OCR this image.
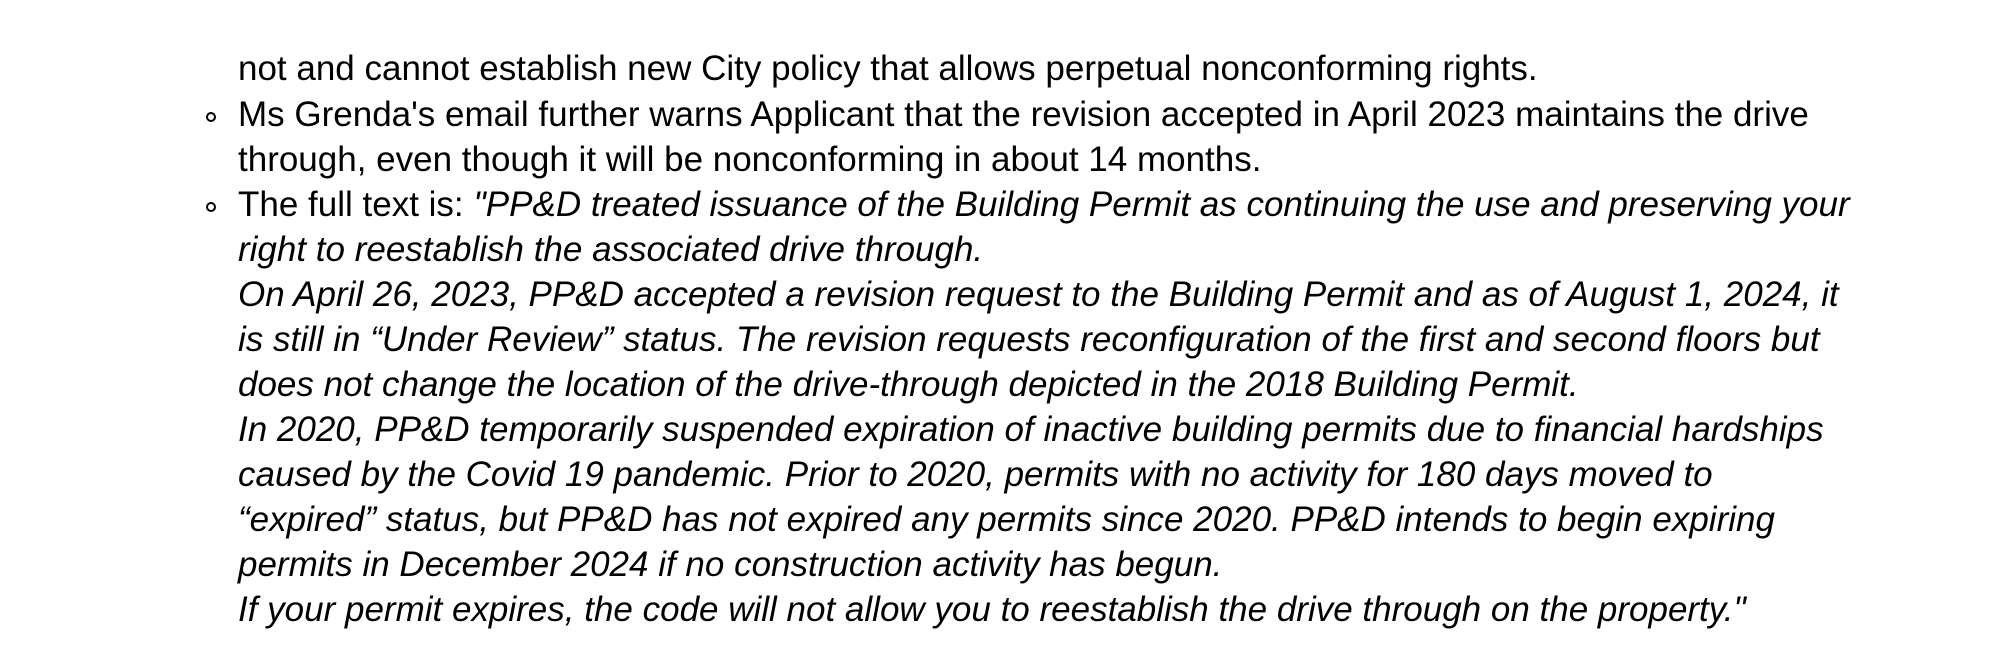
not and cannot establish new City policy that allows perpetual nonconforming rights.
Ms Grenda's email further warns Applicant that the revision accepted in April 2023 maintains the drive
through, even though it will be nonconforming in about 14 months.
The full text is: "PP&D treated issuance of the Building Permit as continuing the use and preserving your
right to reestablish the associated drive through.
On April 26, 2023, PP&D accepted a revision request to the Building Permit and as of August 1, 2024, it
is still in “Under Review” status. The revision requests reconfiguration of the first and second floors but
does not change the location of the drive-through depicted in the 2018 Building Permit.
In 2020, PP&D temporarily suspended expiration of inactive building permits due to financial hardships
caused by the Covid 19 pandemic. Prior to 2020, permits with no activity for 180 days moved to
“expired” status, but PP&D has not expired any permits since 2020. PP&D intends to begin expiring
permits in December 2024 if no construction activity has begun.
If your permit expires, the code will not allow you to reestablish the drive through on the property."
